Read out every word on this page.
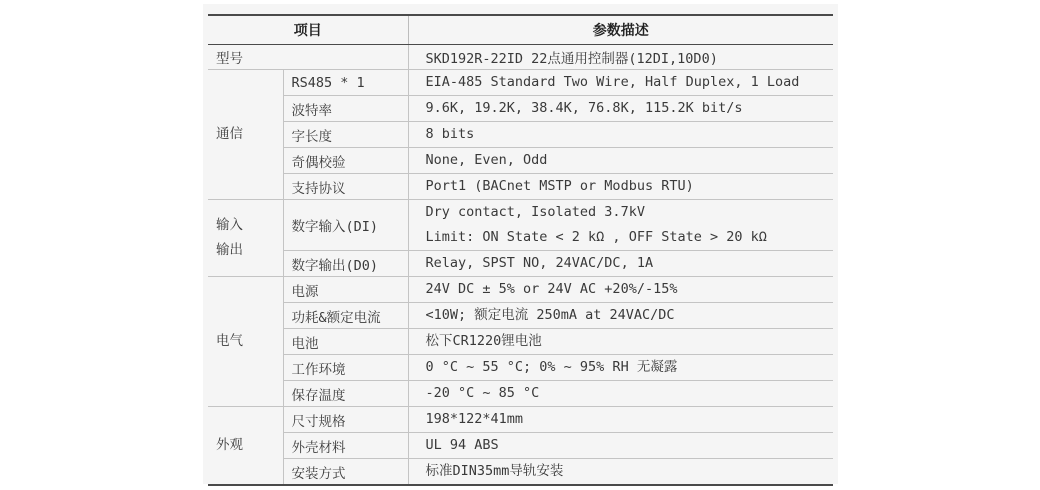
项目		参数描述
型号		SKD192R-22ID 22点通用控制器(12DI,10D0)

通信	RS485 * 1	EIA-485 Standard Two Wire, Half Duplex, 1 Load

	波特率	9.6K, 19.2K, 38.4K, 76.8K, 115.2K bit/s

	字长度	8 bits

	奇偶校验	None, Even, Odd

	支持协议	Port1 (BACnet MSTP or Modbus RTU)

输入
输出	数字输入(DI)	Dry contact, Isolated 3.7kV
Limit: ON State < 2 kΩ , OFF State > 20 kΩ

	数字输出(D0)	Relay, SPST NO, 24VAC/DC, 1A

电气	电源	24V DC ± 5% or 24V AC +20%/-15%

	功耗&额定电流	<10W; 额定电流 250mA at 24VAC/DC

	电池	松下CR1220锂电池

	工作环境	0 °C ~ 55 °C; 0% ~ 95% RH 无凝露

	保存温度	-20 °C ~ 85 °C

外观	尺寸规格	198*122*41mm

	外壳材料	UL 94 ABS

	安装方式	标准DIN35mm导轨安装
